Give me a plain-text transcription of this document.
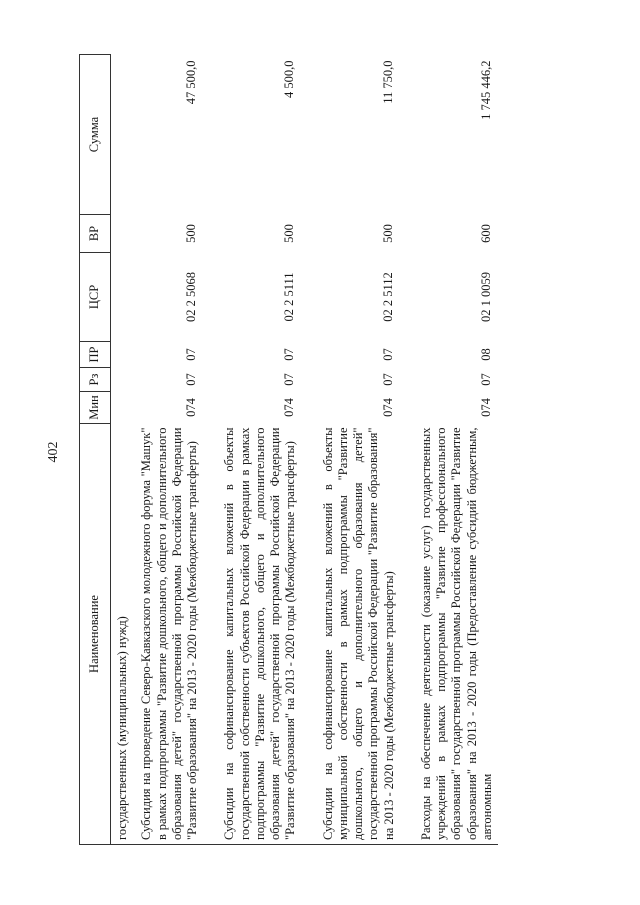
402
Наименование	Мин	Рз	ПР	ЦСР	ВР	Сумма
государственных (муниципальных) нужд)						
Субсидия на проведение Северо-Кавказского молодежного форума "Машук" в рамках подпрограммы "Развитие дошкольного, общего и дополнительного образования детей" государственной программы Российской Федерации "Развитие образования" на 2013 - 2020 годы (Межбюджетные трансферты)	074	07	07	02 2 5068	500	47 500,0

Субсидии на софинансирование капитальных вложений в объекты государственной собственности субъектов Российской Федерации в рамках подпрограммы "Развитие дошкольного, общего и дополнительного образования детей" государственной программы Российской Федерации "Развитие образования" на 2013 - 2020 годы (Межбюджетные трансферты)	074	07	07	02 2 5111	500	4 500,0

Субсидии на софинансирование капитальных вложений в объекты муниципальной собственности в рамках подпрограммы "Развитие дошкольного, общего и дополнительного образования детей" государственной программы Российской Федерации "Развитие образования" на 2013 - 2020 годы (Межбюджетные трансферты)	074	07	07	02 2 5112	500	11 750,0

Расходы на обеспечение деятельности (оказание услуг) государственных учреждений в рамках подпрограммы "Развитие профессионального образования" государственной программы Российской Федерации "Развитие образования" на 2013 - 2020 годы (Предоставление субсидий бюджетным, автономным	074	07	08	02 1 0059	600	1 745 446,2
